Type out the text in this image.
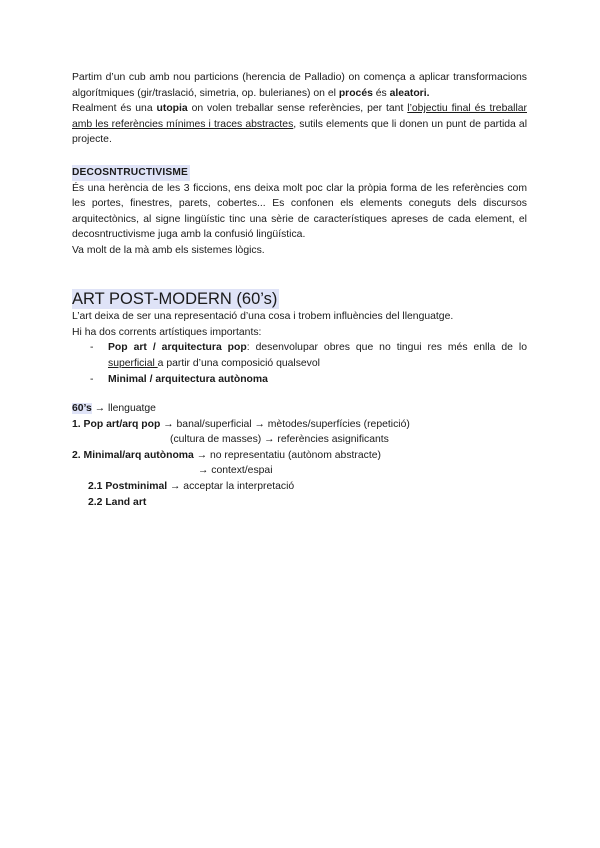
Partim d’un cub amb nou particions (herencia de Palladio) on comença a aplicar transformacions algorítmiques (gir/traslació, simetria, op. bulerianes) on el procés és aleatori.

Realment és una utopia on volen treballar sense referències, per tant l’objectiu final és treballar amb les referències mínimes i traces abstractes, sutils elements que li donen un punt de partida al projecte.

DECOSNTRUCTIVISME

És una herència de les 3 ficcions, ens deixa molt poc clar la pròpia forma de les referències com les portes, finestres, parets, cobertes... Es confonen els elements coneguts dels discursos arquitectònics, al signe lingüístic tinc una sèrie de característiques apreses de cada element, el decosntructivisme juga amb la confusió lingüística.

Va molt de la mà amb els sistemes lògics.

ART POST-MODERN (60’s)

L’art deixa de ser una representació d’una cosa i trobem influències del llenguatge.

Hi ha dos corrents artístiques importants:

- Pop art / arquitectura pop: desenvolupar obres que no tingui res més enlla de lo superficial a partir d’una composició qualsevol
- Minimal / arquitectura autònoma

60’s → llenguatge

1. Pop art/arq pop → banal/superficial → mètodes/superfícies (repetició)

(cultura de masses) → referències asignificants

2. Minimal/arq autònoma → no representatiu (autònom abstracte)

→ context/espai

2.1 Postminimal → acceptar la interpretació

2.2 Land art
